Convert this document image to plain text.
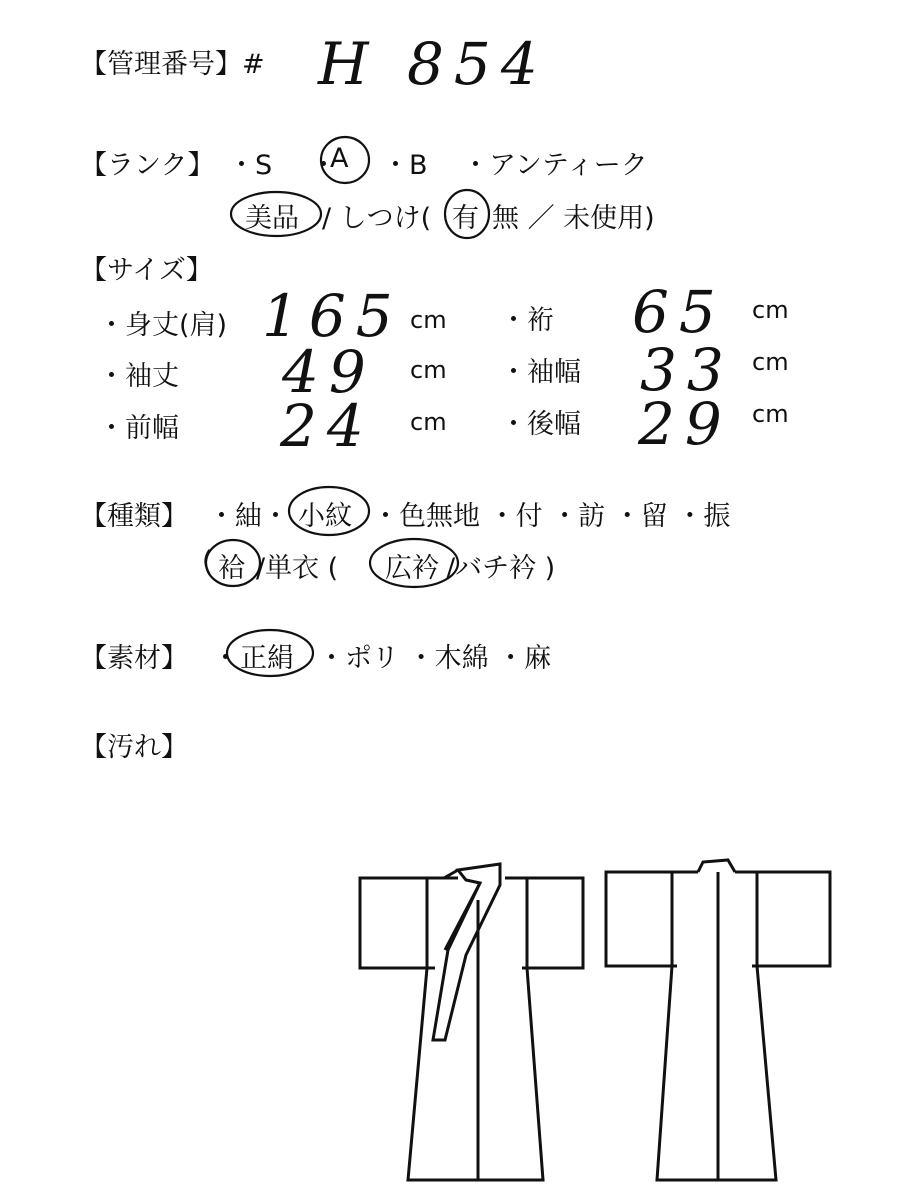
【管理番号】# H 854
【ランク】 ・S ・
A ・B ・アンティーク
美品 / しつけ( 有 無 ／ 未使用)
【サイズ】
・身丈(肩) 165 cm ・裄 65 cm
・袖丈 49 cm ・袖幅 33 cm
・前幅 24 cm ・後幅 29 cm
【種類】 ・紬・ 小紋 ・色無地 ・付 ・訪 ・留 ・振
( 袷 /単衣 ( 広衿 /バチ衿 )
【素材】 ・ 正絹 ・ポリ ・木綿 ・麻
【汚れ】
